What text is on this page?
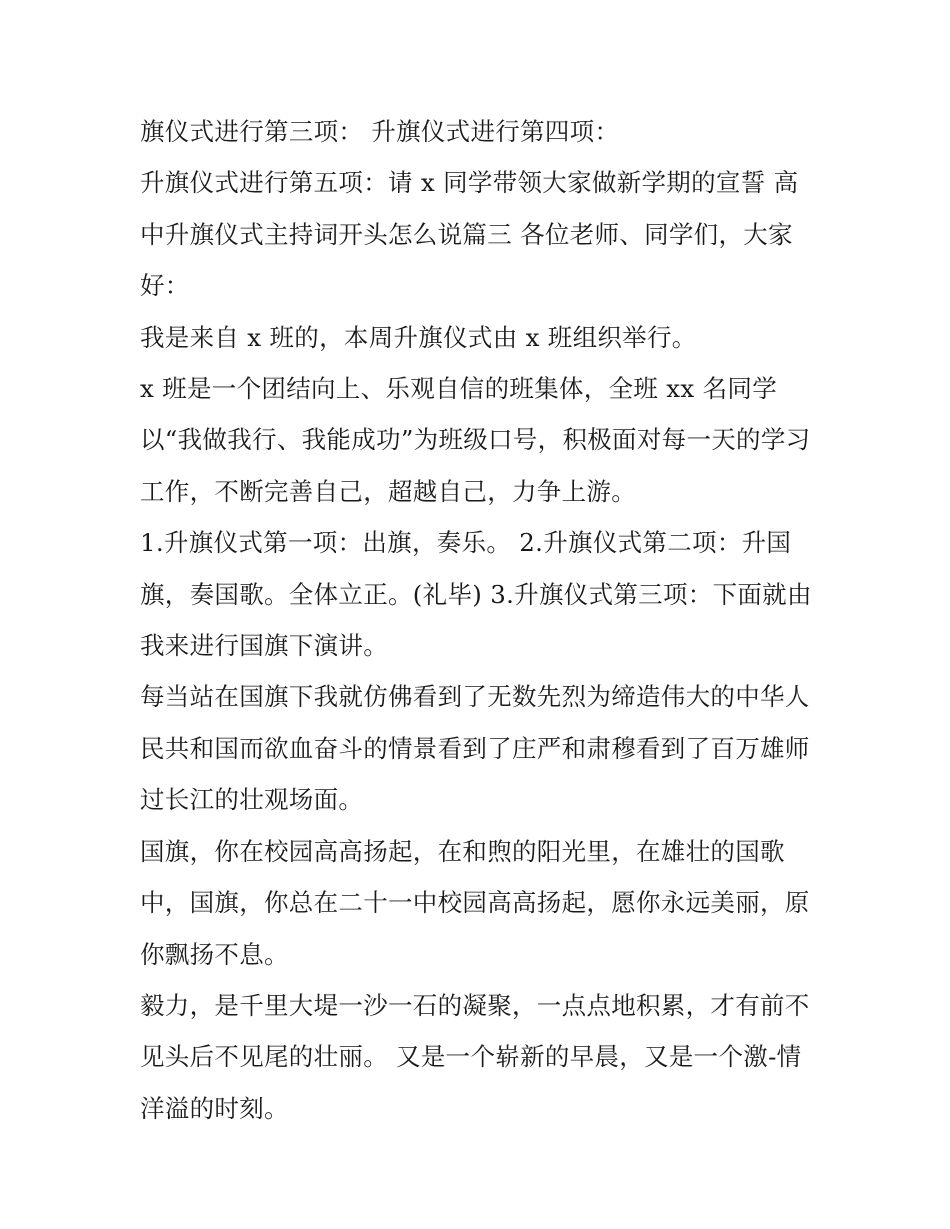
旗仪式进行第三项： 升旗仪式进行第四项：
升旗仪式进行第五项：请 x 同学带领大家做新学期的宣誓 高
中升旗仪式主持词开头怎么说篇三 各位老师、同学们，大家
好：
我是来自 x 班的，本周升旗仪式由 x 班组织举行。
x 班是一个团结向上、乐观自信的班集体，全班 xx 名同学
以“我做我行、我能成功”为班级口号，积极面对每一天的学习
工作，不断完善自己，超越自己，力争上游。
1.升旗仪式第一项：出旗，奏乐。 2.升旗仪式第二项：升国
旗，奏国歌。全体立正。(礼毕) 3.升旗仪式第三项：下面就由
我来进行国旗下演讲。
每当站在国旗下我就仿佛看到了无数先烈为缔造伟大的中华人
民共和国而欲血奋斗的情景看到了庄严和肃穆看到了百万雄师
过长江的壮观场面。
国旗，你在校园高高扬起，在和煦的阳光里，在雄壮的国歌
中，国旗，你总在二十一中校园高高扬起，愿你永远美丽，原
你飘扬不息。
毅力，是千里大堤一沙一石的凝聚，一点点地积累，才有前不
见头后不见尾的壮丽。 又是一个崭新的早晨，又是一个激-情
洋溢的时刻。
